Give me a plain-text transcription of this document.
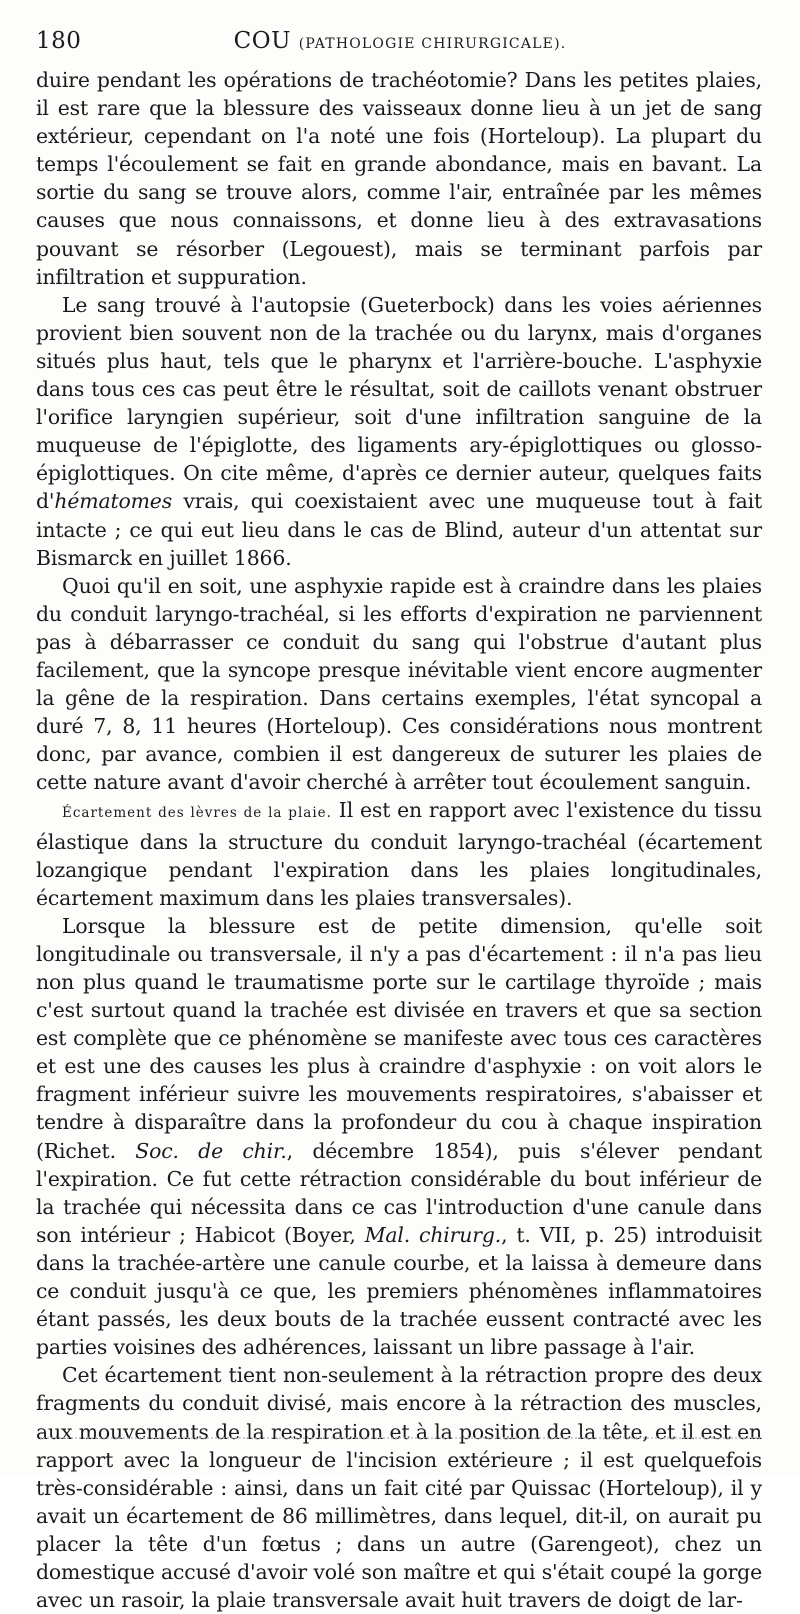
180	COU (PATHOLOGIE CHIRURGICALE).

duire pendant les opérations de trachéotomie? Dans les petites plaies, il est rare que la blessure des vaisseaux donne lieu à un jet de sang extérieur, cependant on l'a noté une fois (Horteloup). La plupart du temps l'écoulement se fait en grande abondance, mais en bavant. La sortie du sang se trouve alors, comme l'air, entraînée par les mêmes causes que nous connaissons, et donne lieu à des extravasations pouvant se résorber (Legouest), mais se terminant parfois par infiltration et suppuration.

Le sang trouvé à l'autopsie (Gueterbock) dans les voies aériennes provient bien souvent non de la trachée ou du larynx, mais d'organes situés plus haut, tels que le pharynx et l'arrière-bouche. L'asphyxie dans tous ces cas peut être le résultat, soit de caillots venant obstruer l'orifice laryngien supérieur, soit d'une infiltration sanguine de la muqueuse de l'épiglotte, des ligaments ary-épiglottiques ou glosso-épiglottiques. On cite même, d'après ce dernier auteur, quelques faits d'hématomes vrais, qui coexistaient avec une muqueuse tout à fait intacte ; ce qui eut lieu dans le cas de Blind, auteur d'un attentat sur Bismarck en juillet 1866.

Quoi qu'il en soit, une asphyxie rapide est à craindre dans les plaies du conduit laryngo-trachéal, si les efforts d'expiration ne parviennent pas à débarrasser ce conduit du sang qui l'obstrue d'autant plus facilement, que la syncope presque inévitable vient encore augmenter la gêne de la respiration. Dans certains exemples, l'état syncopal a duré 7, 8, 11 heures (Horteloup). Ces considérations nous montrent donc, par avance, combien il est dangereux de suturer les plaies de cette nature avant d'avoir cherché à arrêter tout écoulement sanguin.

Écartement des lèvres de la plaie. Il est en rapport avec l'existence du tissu élastique dans la structure du conduit laryngo-trachéal (écartement lozangique pendant l'expiration dans les plaies longitudinales, écartement maximum dans les plaies transversales).

Lorsque la blessure est de petite dimension, qu'elle soit longitudinale ou transversale, il n'y a pas d'écartement : il n'a pas lieu non plus quand le traumatisme porte sur le cartilage thyroïde ; mais c'est surtout quand la trachée est divisée en travers et que sa section est complète que ce phénomène se manifeste avec tous ces caractères et est une des causes les plus à craindre d'asphyxie : on voit alors le fragment inférieur suivre les mouvements respiratoires, s'abaisser et tendre à disparaître dans la profondeur du cou à chaque inspiration (Richet. Soc. de chir., décembre 1854), puis s'élever pendant l'expiration. Ce fut cette rétraction considérable du bout inférieur de la trachée qui nécessita dans ce cas l'introduction d'une canule dans son intérieur ; Habicot (Boyer, Mal. chirurg., t. VII, p. 25) introduisit dans la trachée-artère une canule courbe, et la laissa à demeure dans ce conduit jusqu'à ce que, les premiers phénomènes inflammatoires étant passés, les deux bouts de la trachée eussent contracté avec les parties voisines des adhérences, laissant un libre passage à l'air.

Cet écartement tient non-seulement à la rétraction propre des deux fragments du conduit divisé, mais encore à la rétraction des muscles, aux mouvements de la respiration et à la position de la tête, et il est en rapport avec la longueur de l'incision extérieure ; il est quelquefois très-considérable : ainsi, dans un fait cité par Quissac (Horteloup), il y avait un écartement de 86 millimètres, dans lequel, dit-il, on aurait pu placer la tête d'un fœtus ; dans un autre (Garengeot), chez un domestique accusé d'avoir volé son maître et qui s'était coupé la gorge avec un rasoir, la plaie transversale avait huit travers de doigt de lar-
